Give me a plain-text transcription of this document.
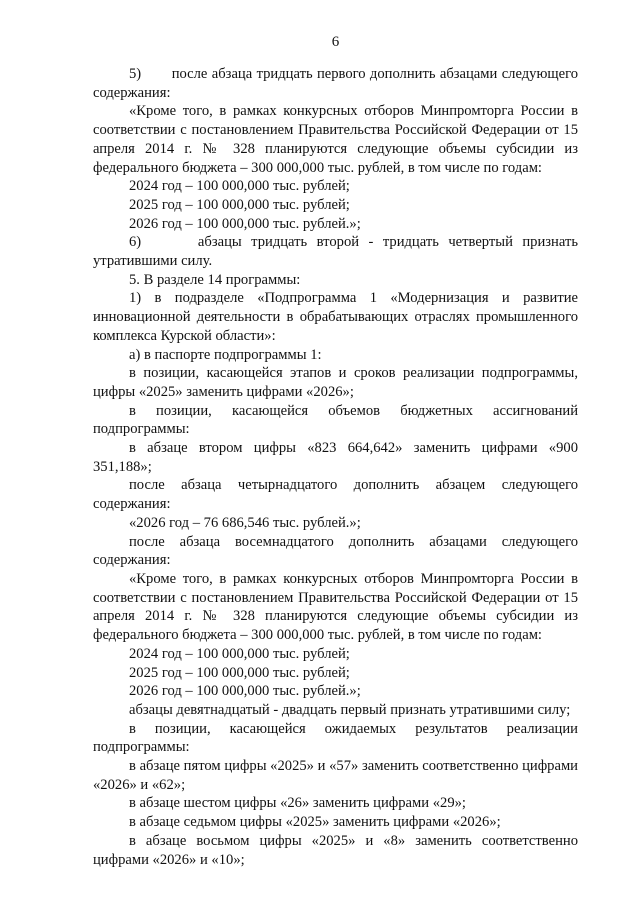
6

5)       после абзаца тридцать первого дополнить абзацами следующего содержания:

«Кроме того, в рамках конкурсных отборов Минпромторга России в соответствии с постановлением Правительства Российской Федерации от 15 апреля 2014 г. № 328 планируются следующие объемы субсидии из федерального бюджета – 300 000,000 тыс. рублей, в том числе по годам:

2024 год – 100 000,000 тыс. рублей;

2025 год – 100 000,000 тыс. рублей;

2026 год – 100 000,000 тыс. рублей.»;

6)      абзацы тридцать второй - тридцать четвертый признать утратившими силу.

5. В разделе 14 программы:

1) в подразделе «Подпрограмма 1 «Модернизация и развитие инновационной деятельности в обрабатывающих отраслях промышленного комплекса Курской области»:

а) в паспорте подпрограммы 1:

в позиции, касающейся этапов и сроков реализации подпрограммы, цифры «2025» заменить цифрами «2026»;

в позиции, касающейся объемов бюджетных ассигнований подпрограммы:

в абзаце втором цифры «823 664,642» заменить цифрами «900 351,188»;

после абзаца четырнадцатого дополнить абзацем следующего содержания:

«2026 год – 76 686,546 тыс. рублей.»;

после абзаца восемнадцатого дополнить абзацами следующего содержания:

«Кроме того, в рамках конкурсных отборов Минпромторга России в соответствии с постановлением Правительства Российской Федерации от 15 апреля 2014 г. № 328 планируются следующие объемы субсидии из федерального бюджета – 300 000,000 тыс. рублей, в том числе по годам:

2024 год – 100 000,000 тыс. рублей;

2025 год – 100 000,000 тыс. рублей;

2026 год – 100 000,000 тыс. рублей.»;

абзацы девятнадцатый - двадцать первый признать утратившими силу;

в позиции, касающейся ожидаемых результатов реализации подпрограммы:

в абзаце пятом цифры «2025» и «57» заменить соответственно цифрами «2026» и «62»;

в абзаце шестом цифры «26» заменить цифрами «29»;

в абзаце седьмом цифры «2025» заменить цифрами «2026»;

в абзаце восьмом цифры «2025» и «8» заменить соответственно цифрами «2026» и «10»;
